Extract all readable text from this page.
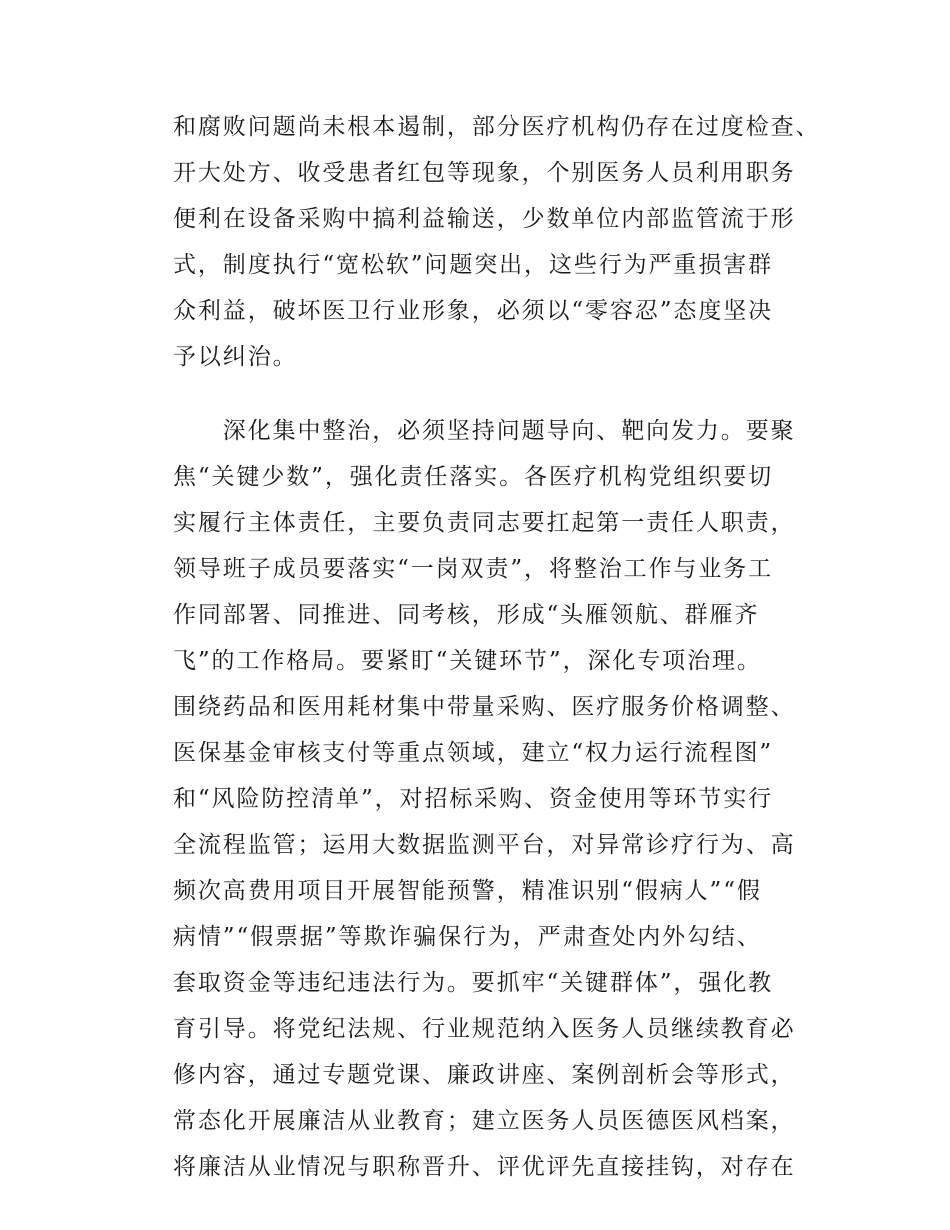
和腐败问题尚未根本遏制，部分医疗机构仍存在过度检查、
开大处方、收受患者红包等现象，个别医务人员利用职务
便利在设备采购中搞利益输送，少数单位内部监管流于形
式，制度执行“宽松软”问题突出，这些行为严重损害群
众利益，破坏医卫行业形象，必须以“零容忍”态度坚决
予以纠治。
　　深化集中整治，必须坚持问题导向、靶向发力。要聚
焦“关键少数”，强化责任落实。各医疗机构党组织要切
实履行主体责任，主要负责同志要扛起第一责任人职责，
领导班子成员要落实“一岗双责”，将整治工作与业务工
作同部署、同推进、同考核，形成“头雁领航、群雁齐
飞”的工作格局。要紧盯“关键环节”，深化专项治理。
围绕药品和医用耗材集中带量采购、医疗服务价格调整、
医保基金审核支付等重点领域，建立“权力运行流程图”
和“风险防控清单”，对招标采购、资金使用等环节实行
全流程监管；运用大数据监测平台，对异常诊疗行为、高
频次高费用项目开展智能预警，精准识别“假病人”“假
病情”“假票据”等欺诈骗保行为，严肃查处内外勾结、
套取资金等违纪违法行为。要抓牢“关键群体”，强化教
育引导。将党纪法规、行业规范纳入医务人员继续教育必
修内容，通过专题党课、廉政讲座、案例剖析会等形式，
常态化开展廉洁从业教育；建立医务人员医德医风档案，
将廉洁从业情况与职称晋升、评优评先直接挂钩，对存在
